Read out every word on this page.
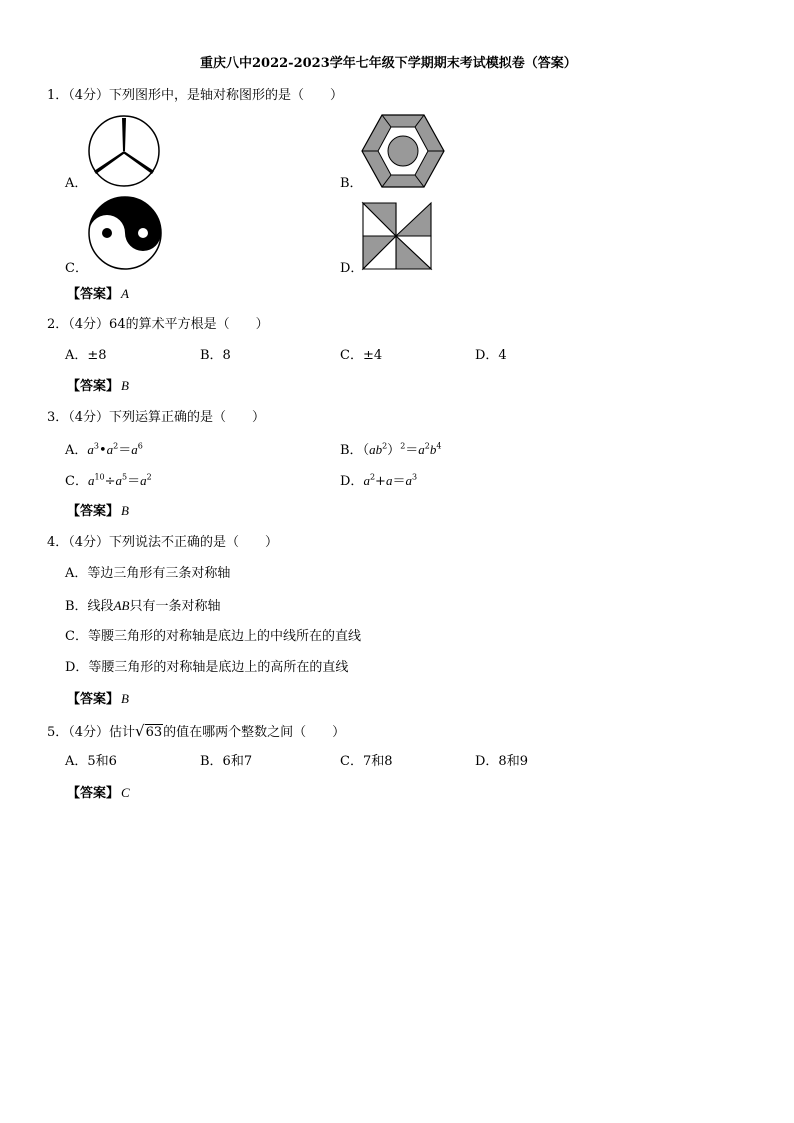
重庆八中2022-2023学年七年级下学期期末考试模拟卷（答案）
1．（4分）下列图形中，是轴对称图形的是（　　）
A．	B．
C．	D．
【答案】 A
2．（4分）64的算术平方根是（　　）
A．±8	B．8	C．±4	D．4
【答案】 B
3．（4分）下列运算正确的是（　　）
A．$a^3•a^2=a^6$	B．$(ab^2)^2=a^2b^4$
C．$a^{10}\div a^5=a^2$	D．$a^2+a=a^3$
【答案】 B
4．（4分）下列说法不正确的是（　　）
A．等边三角形有三条对称轴
B．线段AB只有一条对称轴
C．等腰三角形的对称轴是底边上的中线所在的直线
D．等腰三角形的对称轴是底边上的高所在的直线
【答案】 B
5．（4分）估计√63的值在哪两个整数之间（　　）
A．5和6	B．6和7	C．7和8	D．8和9
【答案】 C
